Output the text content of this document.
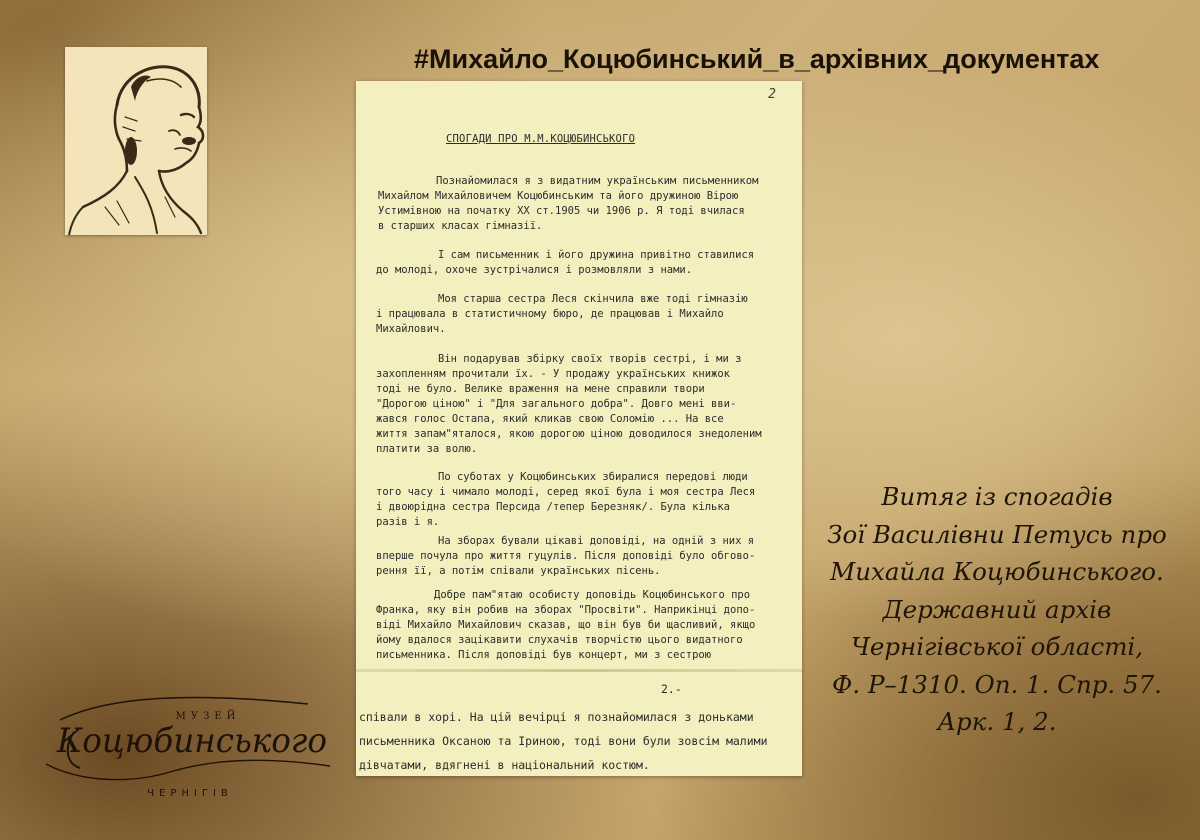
#Михайло_Коцюбинський_в_архівних_документах
2
СПОГАДИ ПРО М.М.КОЦЮБИНСЬКОГО
Познайомилася я з видатним українським письменником
Михайлом Михайловичем Коцюбинським та його дружиною Вірою
Устимівною на початку XX ст.1905 чи 1906 р. Я тоді вчилася
в старших класах гімназії.
І сам письменник і його дружина привітно ставилися
до молоді, охоче зустрічалися і розмовляли з нами.
Моя старша сестра Леся скінчила вже тоді гімназію
і працювала в статистичному бюро, де працював і Михайло
Михайлович.
Він подарував збірку своїх творів сестрі, і ми з
захопленням прочитали їх. - У продажу українських книжок
тоді не було. Велике враження на мене справили твори
"Дорогою ціною" і "Для загального добра". Довго мені вви-
жався голос Остапа, який кликав свою Соломію ... На все
життя запам"яталося, якою дорогою ціною доводилося знедоленим
платити за волю.
По суботах у Коцюбинських збиралися передові люди
того часу і чимало молоді, серед якої була і моя сестра Леся
і двоюрідна сестра Персида /тепер Березняк/. Була кілька
разів і я.
На зборах бували цікаві доповіді, на одній з них я
вперше почула про життя гуцулів. Після доповіді було обгово-
рення її, а потім співали українських пісень.
Добре пам"ятаю особисту доповідь Коцюбинського про
Франка, яку він робив на зборах "Просвіти". Наприкінці допо-
віді Михайло Михайлович сказав, що він був би щасливий, якщо
йому вдалося зацікавити слухачів творчістю цього видатного
письменника. Після доповіді був концерт, ми з сестрою
2.-
співали в хорі. На цій вечірці я познайомилася з доньками
письменника Оксаною та Іриною, тоді вони були зовсім малими
дівчатами, вдягнені в національний костюм.
Витяг із спогадів
Зої Василівни Петусь про
Михайла Коцюбинського.
Державний архів
Чернігівської області,
Ф. Р–1310. Оп. 1. Спр. 57.
Арк. 1, 2.
МУЗЕЙ
Коцюбинського
ЧЕРНІГІВ
